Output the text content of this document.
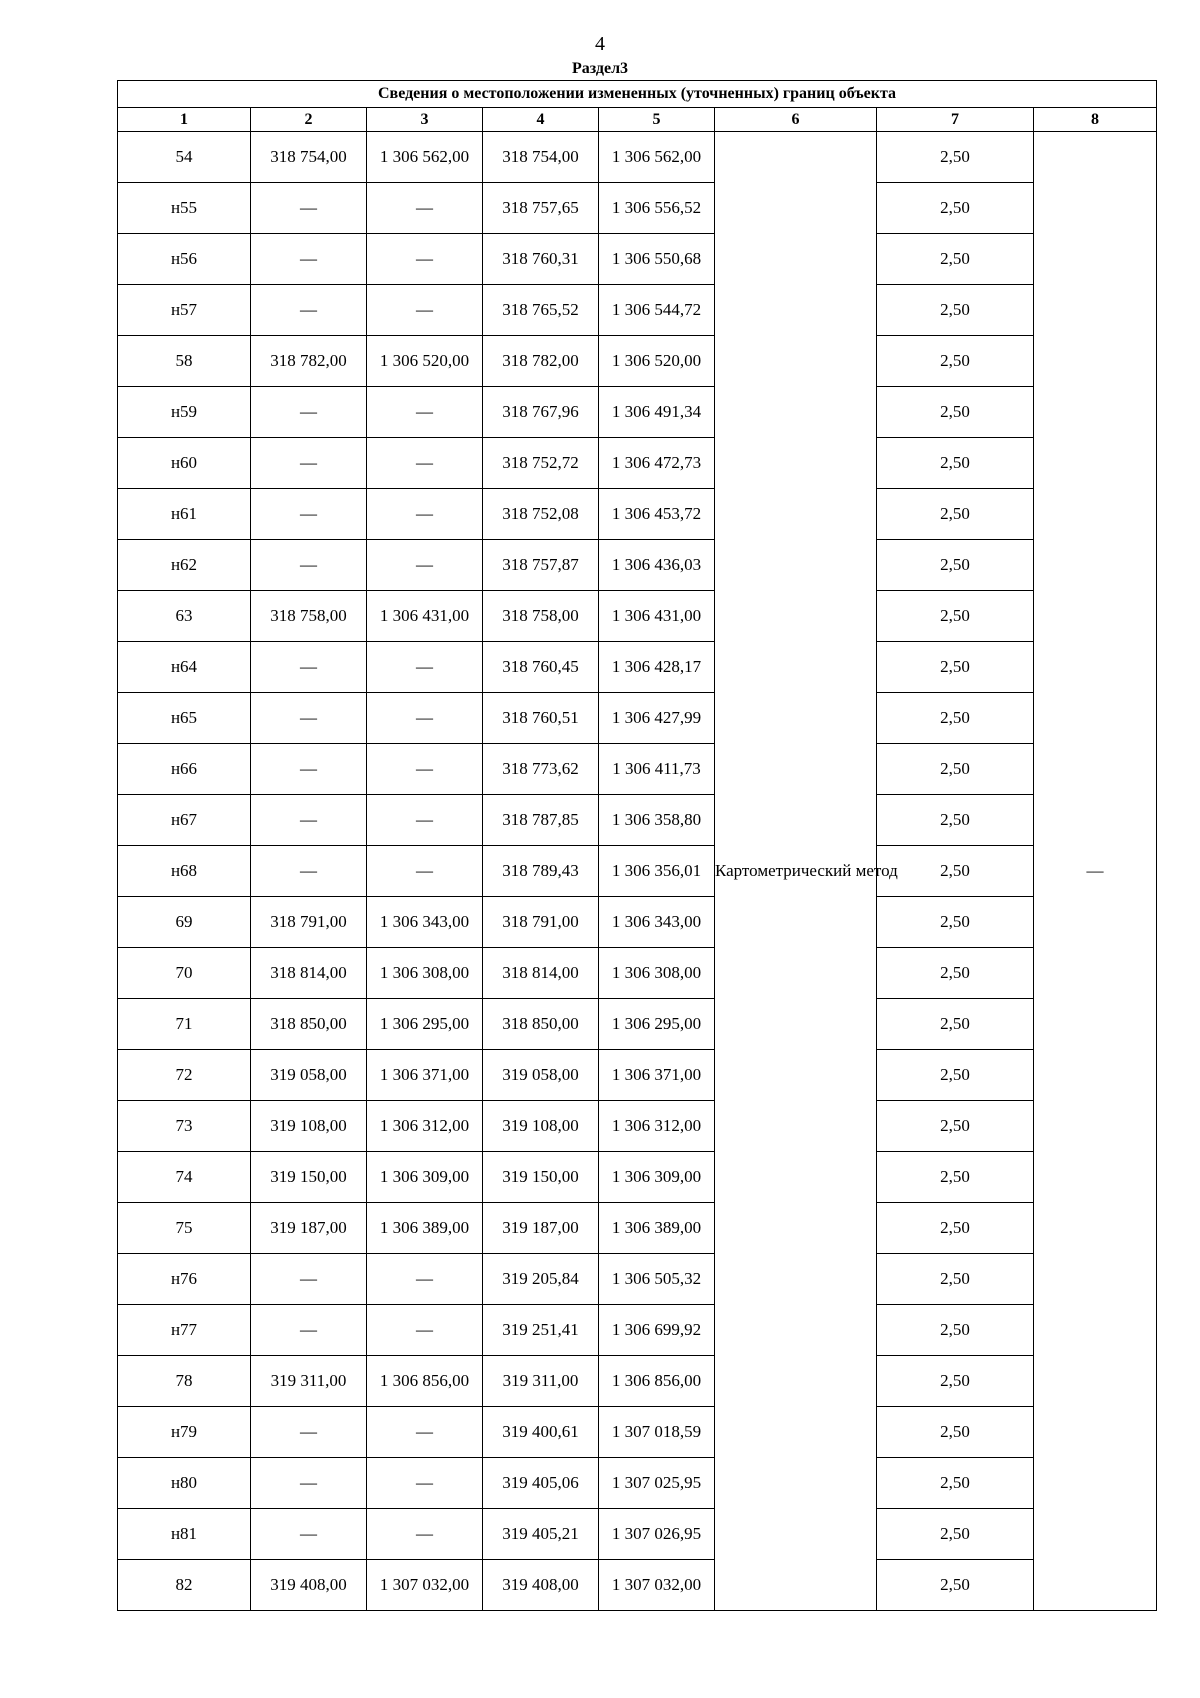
4
Раздел3
Сведения о местоположении измененных (уточненных) границ объекта							
1	2	3	4	5	6	7	8
54	318 754,00	1 306 562,00	318 754,00	1 306 562,00	Картометрический метод	2,50	—
н55	—	—	318 757,65	1 306 556,52		2,50	
н56	—	—	318 760,31	1 306 550,68		2,50	
н57	—	—	318 765,52	1 306 544,72		2,50	
58	318 782,00	1 306 520,00	318 782,00	1 306 520,00		2,50	
н59	—	—	318 767,96	1 306 491,34		2,50	
н60	—	—	318 752,72	1 306 472,73		2,50	
н61	—	—	318 752,08	1 306 453,72		2,50	
н62	—	—	318 757,87	1 306 436,03		2,50	
63	318 758,00	1 306 431,00	318 758,00	1 306 431,00		2,50	
н64	—	—	318 760,45	1 306 428,17		2,50	
н65	—	—	318 760,51	1 306 427,99		2,50	
н66	—	—	318 773,62	1 306 411,73		2,50	
н67	—	—	318 787,85	1 306 358,80		2,50	
н68	—	—	318 789,43	1 306 356,01		2,50	
69	318 791,00	1 306 343,00	318 791,00	1 306 343,00		2,50	
70	318 814,00	1 306 308,00	318 814,00	1 306 308,00		2,50	
71	318 850,00	1 306 295,00	318 850,00	1 306 295,00		2,50	
72	319 058,00	1 306 371,00	319 058,00	1 306 371,00		2,50	
73	319 108,00	1 306 312,00	319 108,00	1 306 312,00		2,50	
74	319 150,00	1 306 309,00	319 150,00	1 306 309,00		2,50	
75	319 187,00	1 306 389,00	319 187,00	1 306 389,00		2,50	
н76	—	—	319 205,84	1 306 505,32		2,50	
н77	—	—	319 251,41	1 306 699,92		2,50	
78	319 311,00	1 306 856,00	319 311,00	1 306 856,00		2,50	
н79	—	—	319 400,61	1 307 018,59		2,50	
н80	—	—	319 405,06	1 307 025,95		2,50	
н81	—	—	319 405,21	1 307 026,95		2,50	
82	319 408,00	1 307 032,00	319 408,00	1 307 032,00		2,50	
